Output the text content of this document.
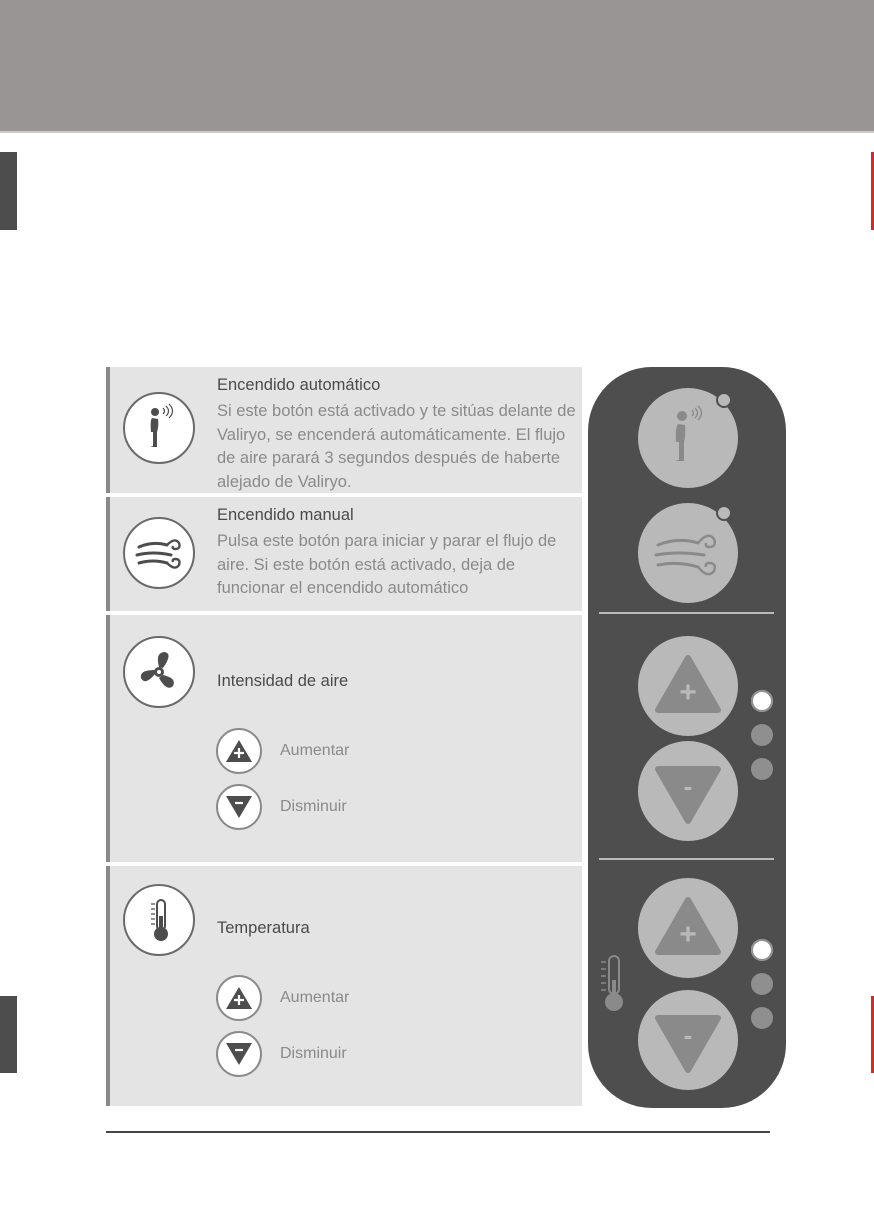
Encendido automático
Si este botón está activado y te sitúas delante de Valiryo, se encenderá automáticamente. El flujo de aire parará 3 segundos después de haberte alejado de Valiryo.
Encendido manual
Pulsa este botón para iniciar y parar el flujo de aire. Si este botón está activado, deja de funcionar el encendido automático
Intensidad de aire
Aumentar
Disminuir
Temperatura
Aumentar
Disminuir
+
-
+
-
